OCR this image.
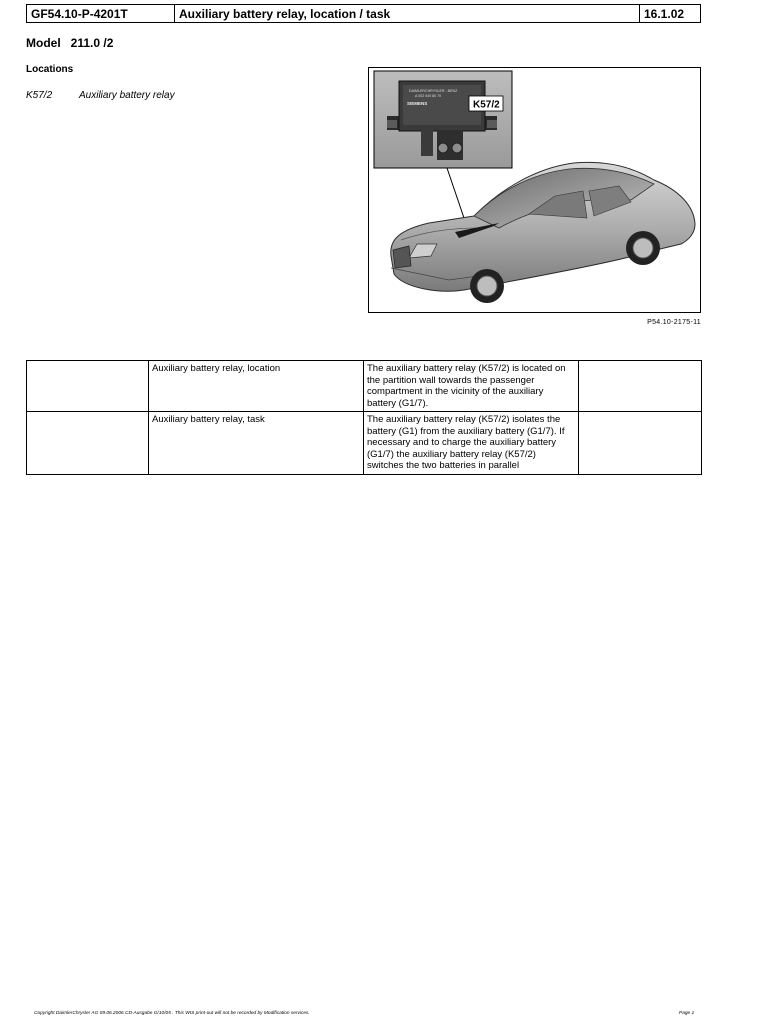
GF54.10-P-4201T	Auxiliary battery relay, location / task	16.1.02
Model   211.0 /2
Locations
K57/2	Auxiliary battery relay	DAIMLERCHRYSLER - BENZ
A 002 540 80 70
SIEMENS	K57/2
P54.10-2175-11
	Auxiliary battery relay, location	The auxiliary battery relay (K57/2) is located on the partition wall towards the passenger compartment in the vicinity of the auxiliary battery (G1/7).	
	Auxiliary battery relay, task	The auxiliary battery relay (K57/2) isolates the battery (G1) from the auxiliary battery (G1/7). If necessary and to charge the auxiliary battery (G1/7) the auxiliary battery relay (K57/2) switches the two batteries in parallel	
Copyright DaimlerChrysler AG 09.06.2006 CD-Ausgabe G/10/05 . This WIS print-out will not be recorded by Modification services.	Page 1
